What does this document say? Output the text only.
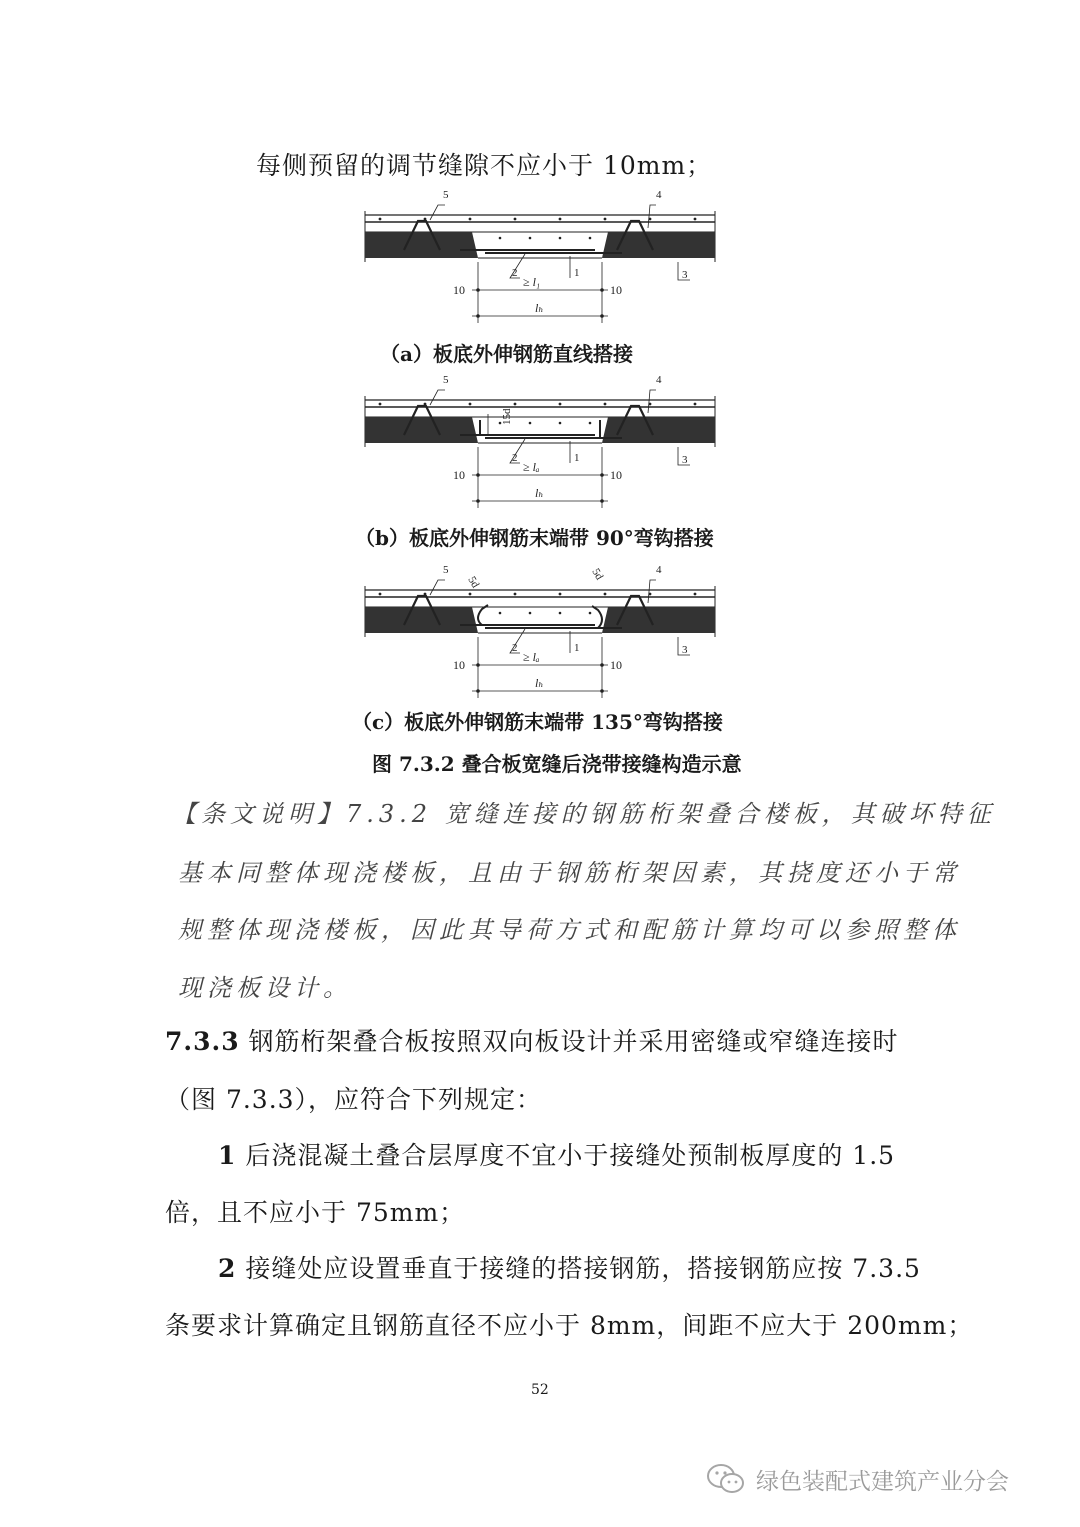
每侧预留的调节缝隙不应小于 10mm；
5	4
2	1	3
≥ l₁
lₕ
10	10
（a）板底外伸钢筋直线搭接
15d
5	4
2	1	3
≥ lₐ
lₕ
10	10
（b）板底外伸钢筋末端带 90°弯钩搭接
5d
5d
5	4
2	1	3
≥ lₐ
lₕ
10	10
（c）板底外伸钢筋末端带 135°弯钩搭接
图 7.3.2 叠合板宽缝后浇带接缝构造示意
【条文说明】7.3.2 宽缝连接的钢筋桁架叠合楼板，其破坏特征
基本同整体现浇楼板，且由于钢筋桁架因素，其挠度还小于常
规整体现浇楼板，因此其导荷方式和配筋计算均可以参照整体
现浇板设计。
7.3.3 钢筋桁架叠合板按照双向板设计并采用密缝或窄缝连接时
（图 7.3.3），应符合下列规定：
1 后浇混凝土叠合层厚度不宜小于接缝处预制板厚度的 1.5
倍，且不应小于 75mm；
2 接缝处应设置垂直于接缝的搭接钢筋，搭接钢筋应按 7.3.5
条要求计算确定且钢筋直径不应小于 8mm，间距不应大于 200mm；
52
绿色装配式建筑产业分会
